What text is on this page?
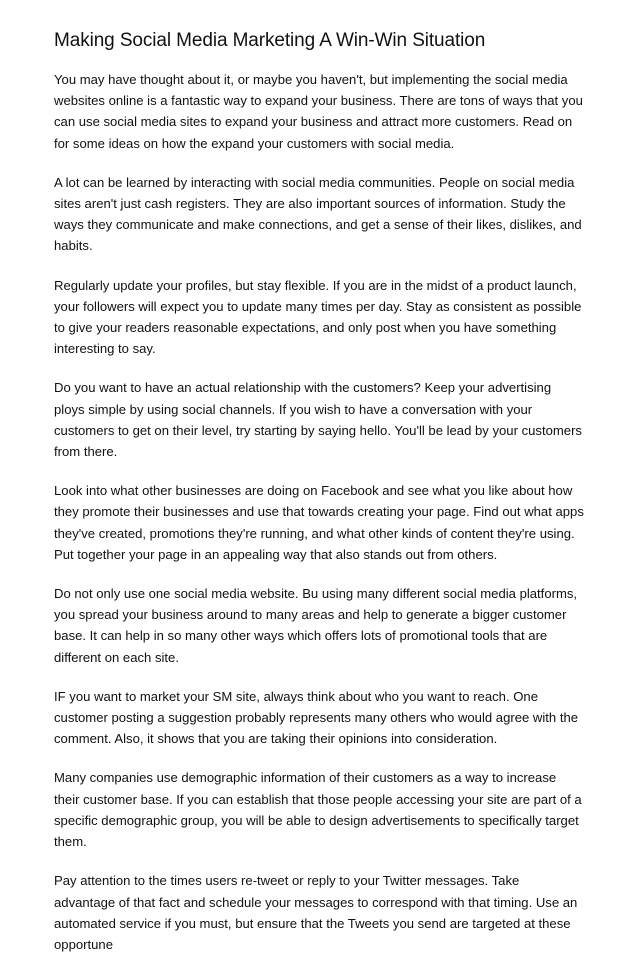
Making Social Media Marketing A Win-Win Situation

You may have thought about it, or maybe you haven't, but implementing the social media websites online is a fantastic way to expand your business. There are tons of ways that you can use social media sites to expand your business and attract more customers. Read on for some ideas on how the expand your customers with social media.

A lot can be learned by interacting with social media communities. People on social media sites aren't just cash registers. They are also important sources of information. Study the ways they communicate and make connections, and get a sense of their likes, dislikes, and habits.

Regularly update your profiles, but stay flexible. If you are in the midst of a product launch, your followers will expect you to update many times per day. Stay as consistent as possible to give your readers reasonable expectations, and only post when you have something interesting to say.

Do you want to have an actual relationship with the customers? Keep your advertising ploys simple by using social channels. If you wish to have a conversation with your customers to get on their level, try starting by saying hello. You'll be lead by your customers from there.

Look into what other businesses are doing on Facebook and see what you like about how they promote their businesses and use that towards creating your page. Find out what apps they've created, promotions they're running, and what other kinds of content they're using. Put together your page in an appealing way that also stands out from others.

Do not only use one social media website. Bu using many different social media platforms, you spread your business around to many areas and help to generate a bigger customer base. It can help in so many other ways which offers lots of promotional tools that are different on each site.

IF you want to market your SM site, always think about who you want to reach. One customer posting a suggestion probably represents many others who would agree with the comment. Also, it shows that you are taking their opinions into consideration.

Many companies use demographic information of their customers as a way to increase their customer base. If you can establish that those people accessing your site are part of a specific demographic group, you will be able to design advertisements to specifically target them.

Pay attention to the times users re-tweet or reply to your Twitter messages. Take advantage of that fact and schedule your messages to correspond with that timing. Use an automated service if you must, but ensure that the Tweets you send are targeted at these opportune
